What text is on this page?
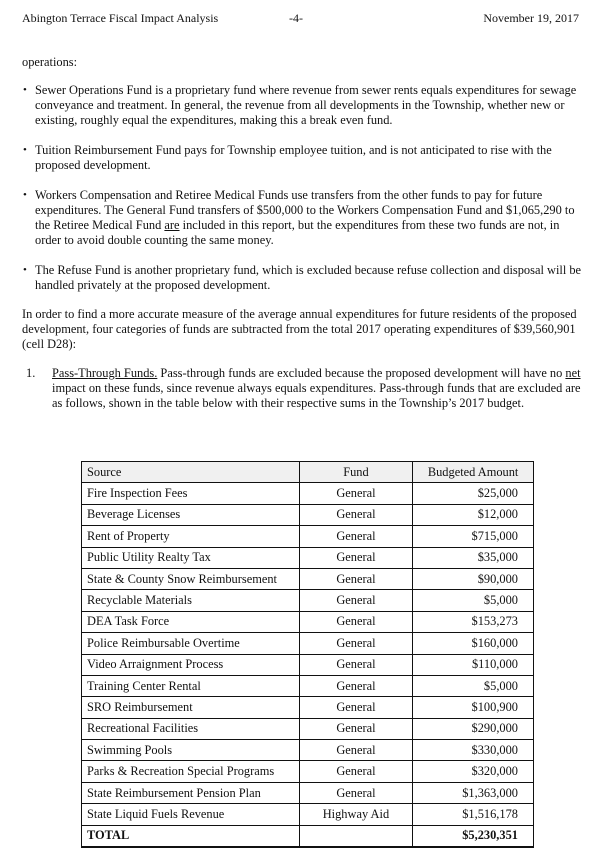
Abington Terrace Fiscal Impact Analysis	-4-	November 19, 2017

operations:

• Sewer Operations Fund is a proprietary fund where revenue from sewer rents equals expenditures for sewage conveyance and treatment. In general, the revenue from all developments in the Township, whether new or existing, roughly equal the expenditures, making this a break even fund.
• Tuition Reimbursement Fund pays for Township employee tuition, and is not anticipated to rise with the proposed development.
• Workers Compensation and Retiree Medical Funds use transfers from the other funds to pay for future expenditures. The General Fund transfers of $500,000 to the Workers Compensation Fund and $1,065,290 to the Retiree Medical Fund are included in this report, but the expenditures from these two funds are not, in order to avoid double counting the same money.
• The Refuse Fund is another proprietary fund, which is excluded because refuse collection and disposal will be handled privately at the proposed development.

In order to find a more accurate measure of the average annual expenditures for future residents of the proposed development, four categories of funds are subtracted from the total 2017 operating expenditures of $39,560,901 (cell D28):

1. Pass-Through Funds. Pass-through funds are excluded because the proposed development will have no net impact on these funds, since revenue always equals expenditures. Pass-through funds that are excluded are as follows, shown in the table below with their respective sums in the Township’s 2017 budget.
Source	Fund	Budgeted Amount
Fire Inspection Fees	General	$25,000
Beverage Licenses	General	$12,000
Rent of Property	General	$715,000
Public Utility Realty Tax	General	$35,000
State & County Snow Reimbursement	General	$90,000
Recyclable Materials	General	$5,000
DEA Task Force	General	$153,273
Police Reimbursable Overtime	General	$160,000
Video Arraignment Process	General	$110,000
Training Center Rental	General	$5,000
SRO Reimbursement	General	$100,900
Recreational Facilities	General	$290,000
Swimming Pools	General	$330,000
Parks & Recreation Special Programs	General	$320,000
State Reimbursement Pension Plan	General	$1,363,000
State Liquid Fuels Revenue	Highway Aid	$1,516,178
TOTAL		$5,230,351
